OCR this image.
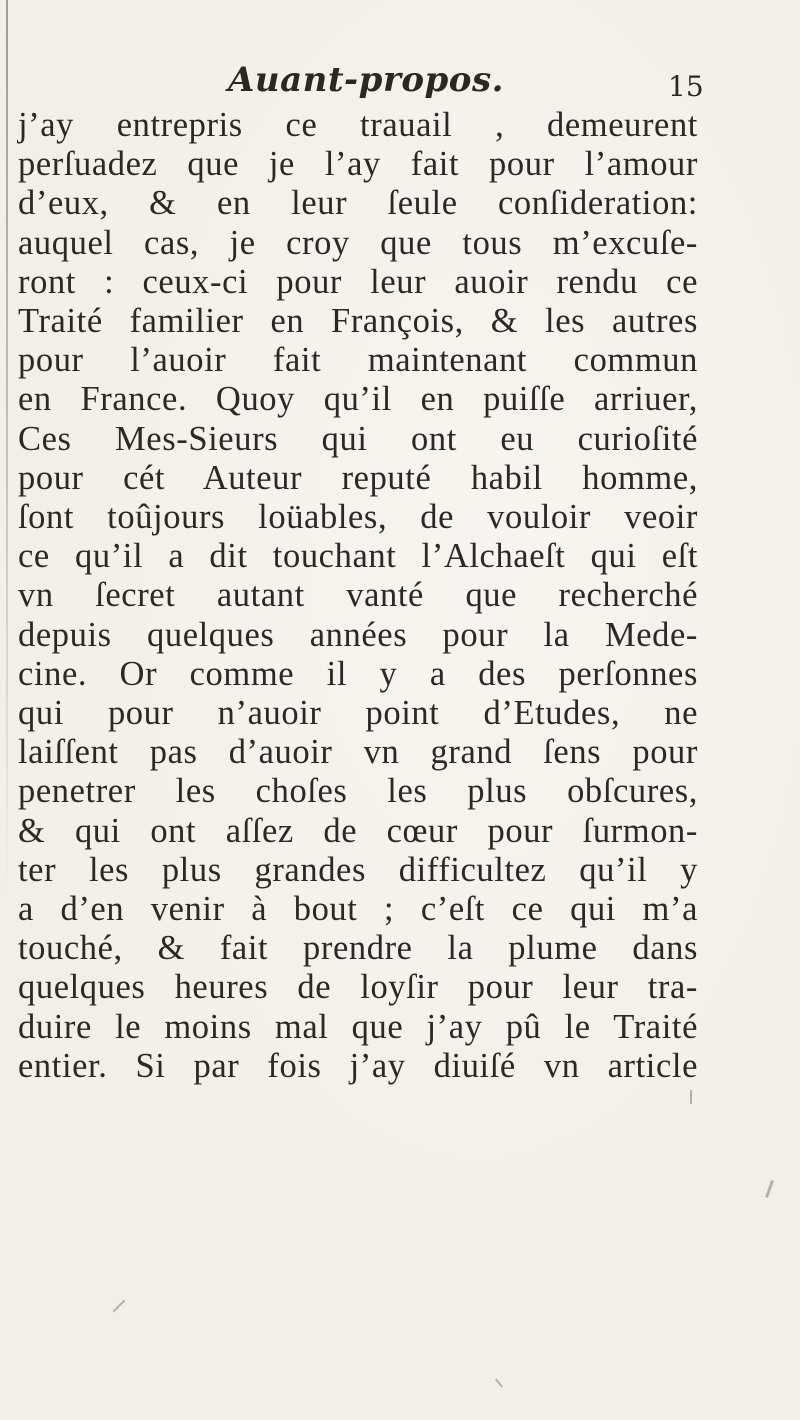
Auant-propos.	15
j’ay entrepris ce trauail , demeurent
perſuadez que je l’ay fait pour l’amour
d’eux, & en leur ſeule conſideration:
auquel cas, je croy que tous m’excuſe-
ront : ceux-ci pour leur auoir rendu ce
Traité familier en François, & les autres
pour l’auoir fait maintenant commun
en France. Quoy qu’il en puiſſe arriuer,
Ces Mes-Sieurs qui ont eu curioſité
pour cét Auteur reputé habil homme,
ſont toûjours loüables, de vouloir veoir
ce qu’il a dit touchant l’Alchaeſt qui eſt
vn ſecret autant vanté que recherché
depuis quelques années pour la Mede-
cine. Or comme il y a des perſonnes
qui pour n’auoir point d’Etudes, ne
laiſſent pas d’auoir vn grand ſens pour
penetrer les choſes les plus obſcures,
& qui ont aſſez de cœur pour ſurmon-
ter les plus grandes difficultez qu’il y
a d’en venir à bout ; c’eſt ce qui m’a
touché, & fait prendre la plume dans
quelques heures de loyſir pour leur tra-
duire le moins mal que j’ay pû le Traité
entier. Si par fois j’ay diuiſé vn article
